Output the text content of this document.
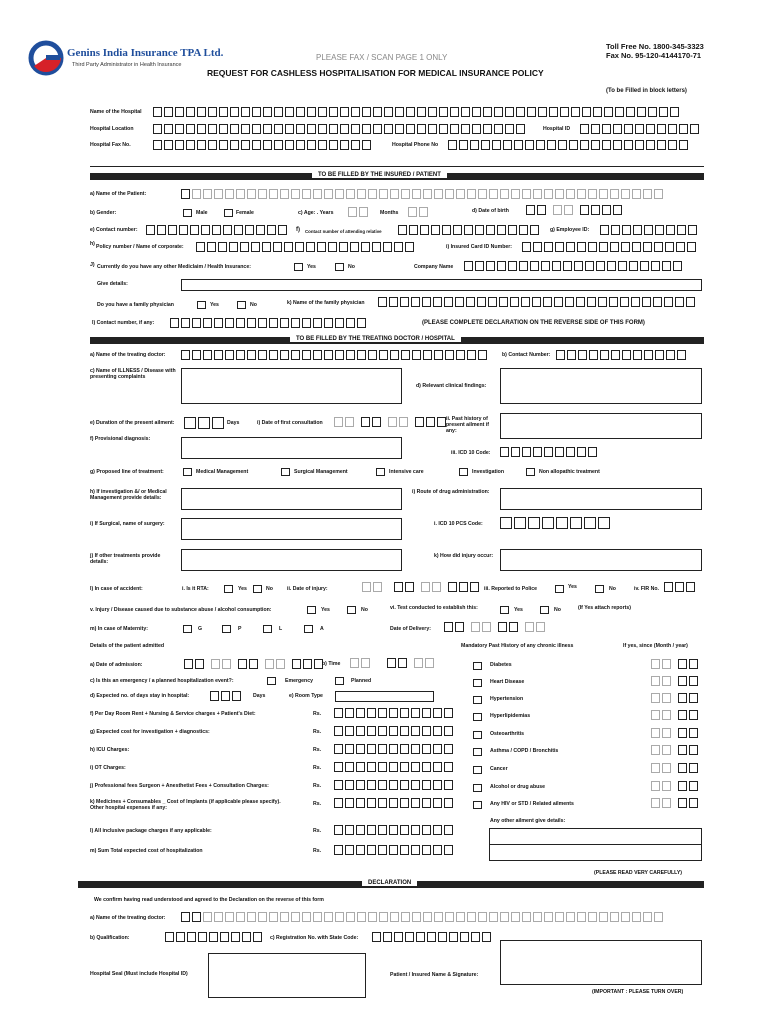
Genins India Insurance TPA Ltd.
Third Party Administrator in Health Insurance
PLEASE FAX / SCAN PAGE 1 ONLY
REQUEST FOR CASHLESS HOSPITALISATION FOR MEDICAL INSURANCE POLICY
Toll Free No. 1800-345-3323
Fax No. 95-120-4144170-71
(To be Filled in block letters)
Name of the Hospital
Hospital Location	Hospital ID
Hospital Fax No.	Hospital Phone No
TO BE FILLED BY THE INSURED / PATIENT
a) Name of the Patient:
b) Gender:	Male	Female	c) Age: . Years	Months	d) Date of birth
e) Contact number:	f) Contact number of attending relative	g) Employee ID:
h) Policy number / Name of corporate:	i) Insured Card ID Number:
J) Currently do you have any other Mediclaim / Health Insurance:	Yes	No	Company Name
Give details:
Do you have a family physician	Yes	No	k) Name of the family physician
l) Contact number, if any:	(PLEASE COMPLETE DECLARATION ON THE REVERSE SIDE OF THIS FORM)
TO BE FILLED BY THE TREATING DOCTOR / HOSPITAL
a) Name of the treating doctor:	b) Contact Number:
c) Name of ILLNESS / Disease with presenting complaints
d) Relevant clinical findings:
e) Duration of the present ailment:	Days	i) Date of first consultation
ii. Past history of present ailment if any:
f) Provisional diagnosis:
iii. ICD 10 Code:
g) Proposed line of treatment:	Medical Management	Surgical Management	Intensive care	Investigation	Non allopathic treatment
h) If investigation &/ or Medical Management provide details:
i) Route of drug administration:
i) If Surgical, name of surgery:	i. ICD 10 PCS Code:
j) If other treatments provide details:
k) How did injury occur:
l) In case of accident:	i. Is it RTA:	Yes	No	ii. Date of injury:	iii. Reported to Police	Yes	No	iv. FIR No.
v. Injury / Disease caused due to substance abuse / alcohol consumption:	Yes	No	vi. Test conducted to establish this:	Yes	No	(If Yes attach reports)
m) In case of Maternity:	G	P	L	A	Date of Delivery:
Details of the patient admitted	Mandatory Past History of any chronic illness	If yes, since (Month / year)
a) Date of admission:	b) Time
c) Is this an emergency / a planned hospitalization event?:	Emergency	Planned
d) Expected no. of days stay in hospital:	Days	e) Room Type
f) Per Day Room Rent + Nursing & Service charges + Patient's Diet:	Rs.
g) Expected cost for investigation + diagnostics:	Rs.
h) ICU Charges:	Rs.
i) OT Charges:	Rs.
j) Professional fees Surgeon + Anesthetist Fees + Consultation Charges:	Rs.
k) Medicines + Consumables _ Cost of Implants (if applicable please specify). Other hospital expenses if any:
Rs.
l) All inclusive package charges if any applicable:	Rs.
m) Sum Total expected cost of hospitalization	Rs.
Diabetes
Heart Disease
Hypertension
Hyperlipidemias
Osteoarthritis
Asthma / COPD / Bronchitis
Cancer
Alcohol or drug abuse
Any HIV or STD / Related ailments
Any other ailment give details:
(PLEASE READ VERY CAREFULLY)
DECLARATION
We confirm having read understood and agreed to the Declaration on the reverse of this form
a) Name of the treating doctor:
b) Qualification:	c) Registration No. with State Code:
Hospital Seal (Must include Hospital ID)	Patient / Insured Name & Signature:
(IMPORTANT : PLEASE TURN OVER)
